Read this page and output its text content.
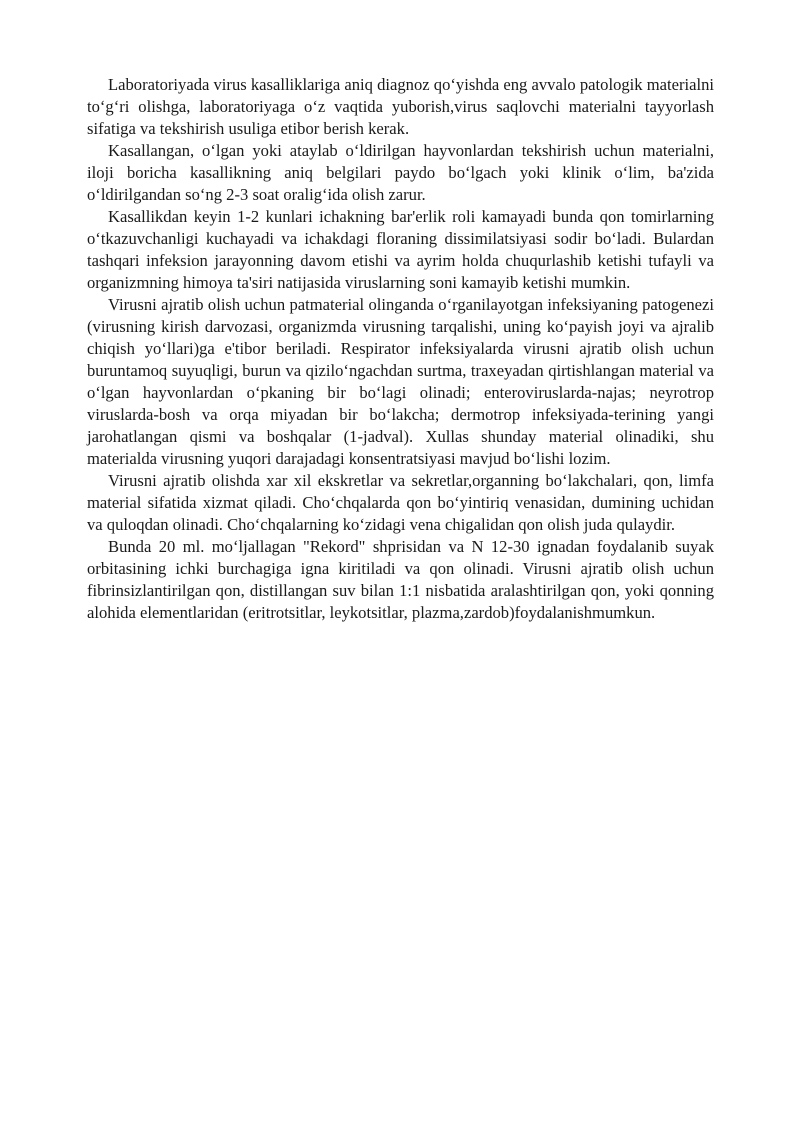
Laboratoriyada virus kasalliklariga aniq diagnoz qo‘yishda eng avvalo patologik materialni to‘g‘ri olishga, laboratoriyaga o‘z vaqtida yuborish,virus saqlovchi materialni tayyorlash sifatiga va tekshirish usuliga etibor berish kerak.

Kasallangan, o‘lgan yoki ataylab o‘ldirilgan hayvonlardan tekshirish uchun materialni, iloji boricha kasallikning aniq belgilari paydo bo‘lgach yoki klinik o‘lim, ba'zida o‘ldirilgandan so‘ng 2-3 soat oralig‘ida olish zarur.

Kasallikdan keyin 1-2 kunlari ichakning bar'erlik roli kamayadi bunda qon tomirlarning o‘tkazuvchanligi kuchayadi va ichakdagi floraning dissimilatsiyasi sodir bo‘ladi. Bulardan tashqari infeksion jarayonning davom etishi va ayrim holda chuqurlashib ketishi tufayli va organizmning himoya ta'siri natijasida viruslarning soni kamayib ketishi mumkin.

Virusni ajratib olish uchun patmaterial olinganda o‘rganilayotgan infeksiyaning patogenezi (virusning kirish darvozasi, organizmda virusning tarqalishi, uning ko‘payish joyi va ajralib chiqish yo‘llari)ga e'tibor beriladi. Respirator infeksiyalarda virusni ajratib olish uchun buruntamoq suyuqligi, burun va qizilo‘ngachdan surtma, traxeyadan qirtishlangan material va o‘lgan hayvonlardan o‘pkaning bir bo‘lagi olinadi; enteroviruslarda-najas; neyrotrop viruslarda-bosh va orqa miyadan bir bo‘lakcha; dermotrop infeksiyada-terining yangi jarohatlangan qismi va boshqalar (1-jadval). Xullas shunday material olinadiki, shu materialda virusning yuqori darajadagi konsentratsiyasi mavjud bo‘lishi lozim.

Virusni ajratib olishda xar xil ekskretlar va sekretlar,organning bo‘lakchalari, qon, limfa material sifatida xizmat qiladi. Cho‘chqalarda qon bo‘yintiriq venasidan, dumining uchidan va quloqdan olinadi. Cho‘chqalarning ko‘zidagi vena chigalidan qon olish juda qulaydir.

Bunda 20 ml. mo‘ljallagan "Rekord" shprisidan va N 12-30 ignadan foydalanib suyak orbitasining ichki burchagiga igna kiritiladi va qon olinadi. Virusni ajratib olish uchun fibrinsizlantirilgan qon, distillangan suv bilan 1:1 nisbatida aralashtirilgan qon, yoki qonning alohida elementlaridan (eritrotsitlar, leykotsitlar, plazma,zardob)foydalanishmumkun.
